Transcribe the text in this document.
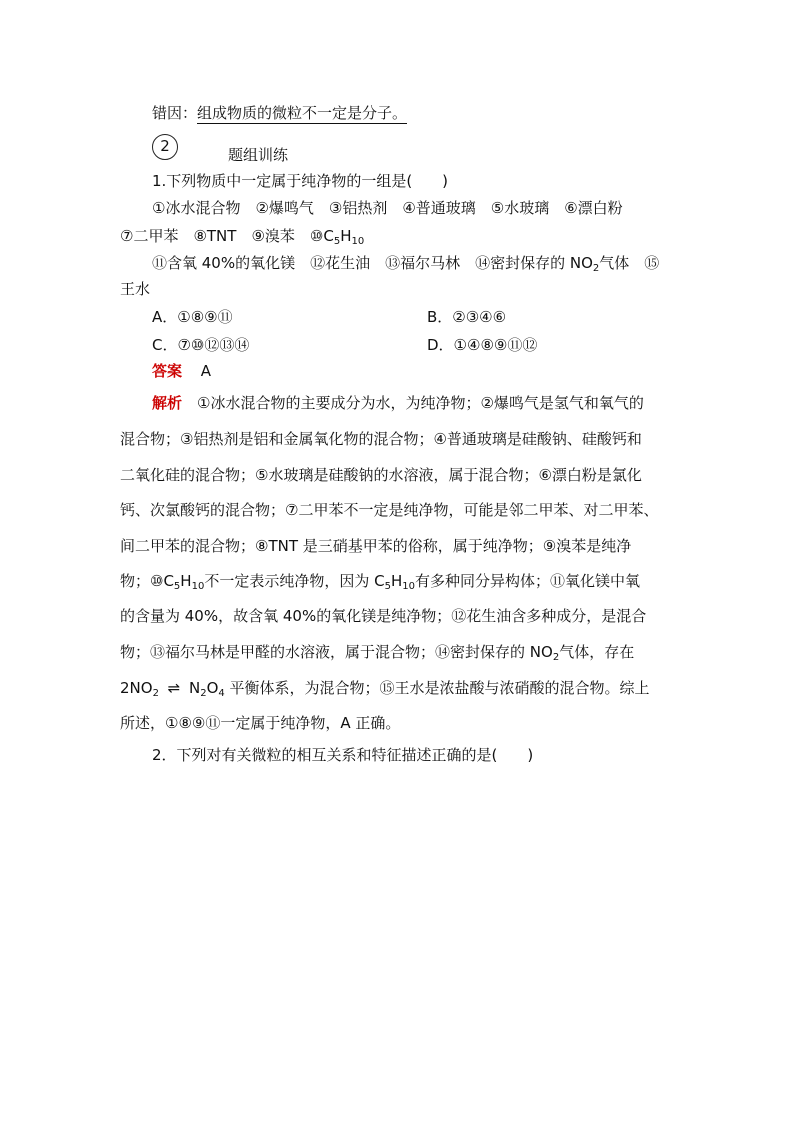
错因：组成物质的微粒不一定是分子。
2	题组训练
1.下列物质中一定属于纯净物的一组是(　　)
①冰水混合物　②爆鸣气　③铝热剂　④普通玻璃　⑤水玻璃　⑥漂白粉
⑦二甲苯　⑧TNT　⑨溴苯　$⑩C_5H_{10}$
⑪含氧 40%的氧化镁　⑫花生油　⑬福尔马林　⑭密封保存的 $NO_2$气体　⑮
王水
A．①⑧⑨⑪	B．②③④⑥
C．⑦⑩⑫⑬⑭	D．①④⑧⑨⑪⑫
答案 A

解析　 ①冰水混合物的主要成分为水，为纯净物；②爆鸣气是氢气和氧气的

混合物；③铝热剂是铝和金属氧化物的混合物；④普通玻璃是硅酸钠、硅酸钙和

二氧化硅的混合物；⑤水玻璃是硅酸钠的水溶液，属于混合物；⑥漂白粉是氯化

钙、次氯酸钙的混合物；⑦二甲苯不一定是纯净物，可能是邻二甲苯、对二甲苯、

间二甲苯的混合物；⑧TNT 是三硝基甲苯的俗称，属于纯净物；⑨溴苯是纯净

物；$⑩C_5H_{10}$不一定表示纯净物，因为 $C_5H_{10}$有多种同分异构体；⑪氧化镁中氧

的含量为 40%，故含氧 40%的氧化镁是纯净物；⑫花生油含多种成分，是混合

物；⑬福尔马林是甲醛的水溶液，属于混合物；⑭密封保存的 $NO_2$气体，存在

$2NO_2$ ⇌ $N_2O_4$ 平衡体系，为混合物；⑮王水是浓盐酸与浓硝酸的混合物。综上

所述，①⑧⑨⑪一定属于纯净物，A 正确。

2．下列对有关微粒的相互关系和特征描述正确的是(　　)
